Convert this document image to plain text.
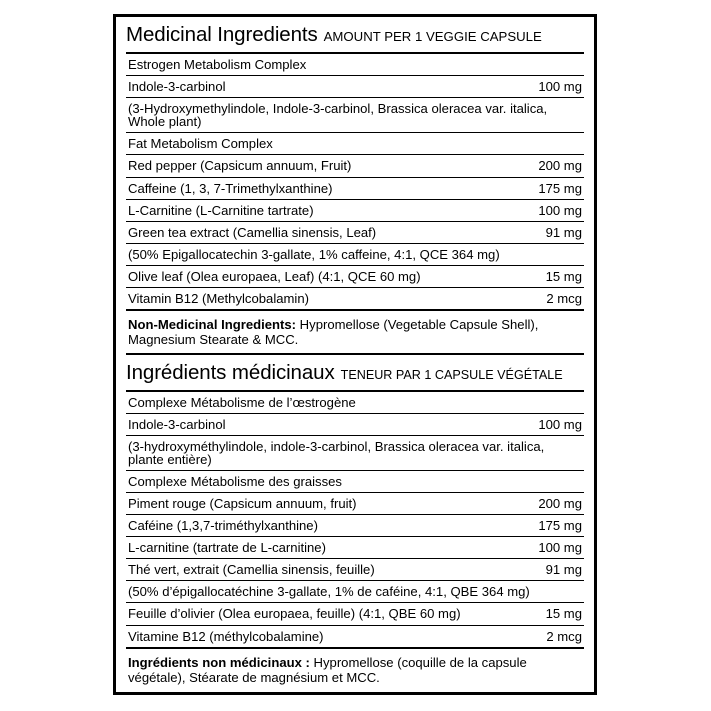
Medicinal Ingredients AMOUNT PER 1 VEGGIE CAPSULE
Estrogen Metabolism Complex
Indole-3-carbinol	100 mg
(3-Hydroxymethylindole, Indole-3-carbinol, Brassica oleracea var. italica, Whole plant)
Fat Metabolism Complex
Red pepper (Capsicum annuum, Fruit)	200 mg
Caffeine (1, 3, 7-Trimethylxanthine)	175 mg
L-Carnitine (L-Carnitine tartrate)	100 mg
Green tea extract (Camellia sinensis, Leaf)	91 mg
(50% Epigallocatechin 3-gallate, 1% caffeine, 4:1, QCE 364 mg)
Olive leaf (Olea europaea, Leaf) (4:1, QCE 60 mg)	15 mg
Vitamin B12 (Methylcobalamin)	2 mcg
Non-Medicinal Ingredients: Hypromellose (Vegetable Capsule Shell), Magnesium Stearate & MCC.
Ingrédients médicinaux TENEUR PAR 1 CAPSULE VÉGÉTALE
Complexe Métabolisme de l’œstrogène
Indole-3-carbinol	100 mg
(3-hydroxyméthylindole, indole-3-carbinol, Brassica oleracea var. italica, plante entière)
Complexe Métabolisme des graisses
Piment rouge (Capsicum annuum, fruit)	200 mg
Caféine (1,3,7-triméthylxanthine)	175 mg
L-carnitine (tartrate de L-carnitine)	100 mg
Thé vert, extrait (Camellia sinensis, feuille)	91 mg
(50% d’épigallocatéchine 3-gallate, 1% de caféine, 4:1, QBE 364 mg)
Feuille d’olivier (Olea europaea, feuille) (4:1, QBE 60 mg)	15 mg
Vitamine B12 (méthylcobalamine)	2 mcg
Ingrédients non médicinaux : Hypromellose (coquille de la capsule végétale), Stéarate de magnésium et MCC.
